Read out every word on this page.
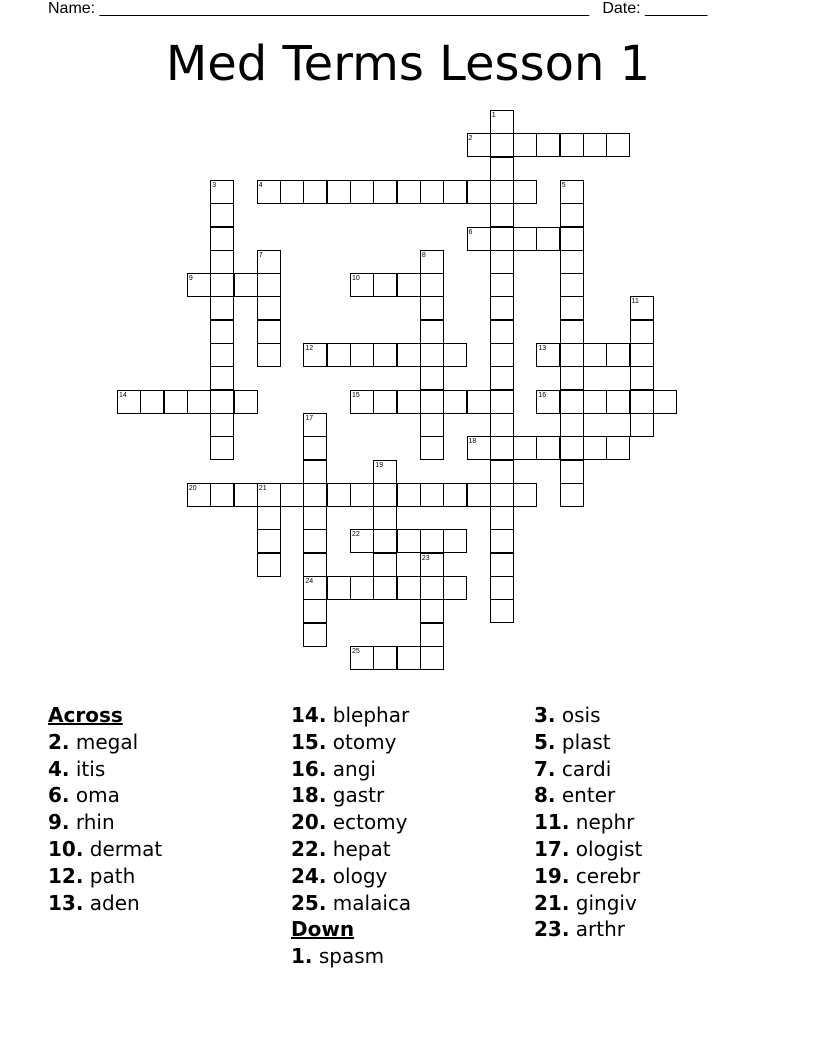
Name: _______________________________________________________ Date: _______
Med Terms Lesson 1
1
2
3	4	5
6
7	8
9	10
11
12	13
14	15	16
17
18
19
20	21
22
23
24
25
Across
2. megal
4. itis
6. oma
9. rhin
10. dermat
12. path
13. aden
14. blephar
15. otomy
16. angi
18. gastr
20. ectomy
22. hepat
24. ology
25. malaica
Down
1. spasm
3. osis
5. plast
7. cardi
8. enter
11. nephr
17. ologist
19. cerebr
21. gingiv
23. arthr
